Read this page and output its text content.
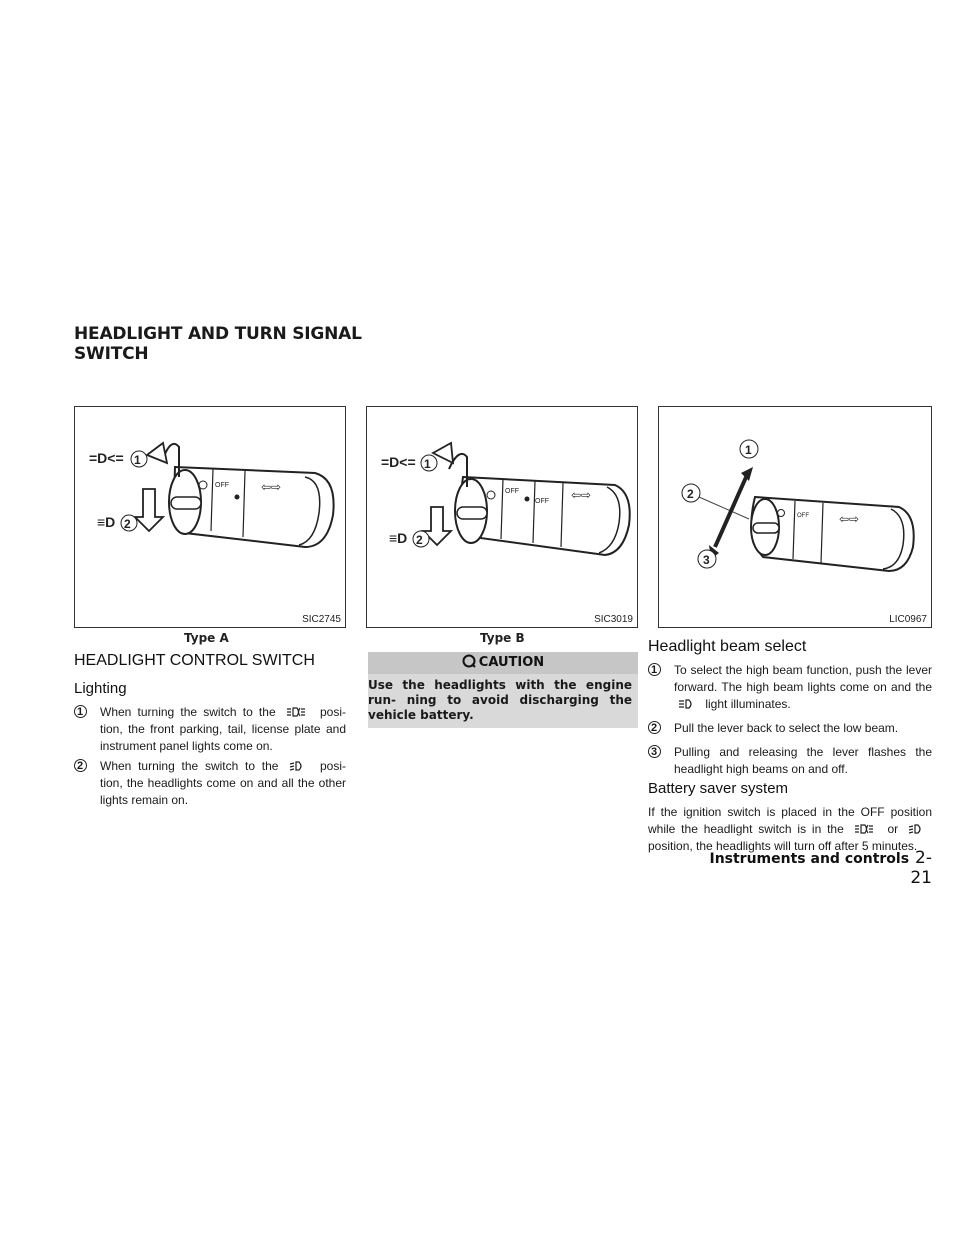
HEADLIGHT AND TURN SIGNAL SWITCH
OFF	⇦⇨
=D<= 1
≡D 2
SIC2745
Type A
OFF
OFF ⇦⇨
=D<= 1
≡D 2
SIC3019
Type B
OFF	⇦⇨
1
2
3
LIC0967
HEADLIGHT CONTROL SWITCH
Lighting
1	When turning the switch to the	posi- tion, the front parking, tail, license plate and instrument panel lights come on.
2	When turning the switch to the	posi- tion, the headlights come on and all the other lights remain on.
CAUTION
Use the headlights with the engine run- ning to avoid discharging the vehicle battery.
Headlight beam select
1	To select the high beam function, push the lever forward. The high beam lights come on and the  light illuminates.
2	Pull the lever back to select the low beam.
3	Pulling and releasing the lever flashes the headlight high beams on and off.
Battery saver system
If the ignition switch is placed in the OFF position while the headlight switch is in the	or  position, the headlights will turn off after 5 minutes.
Instruments and controls 2-21
